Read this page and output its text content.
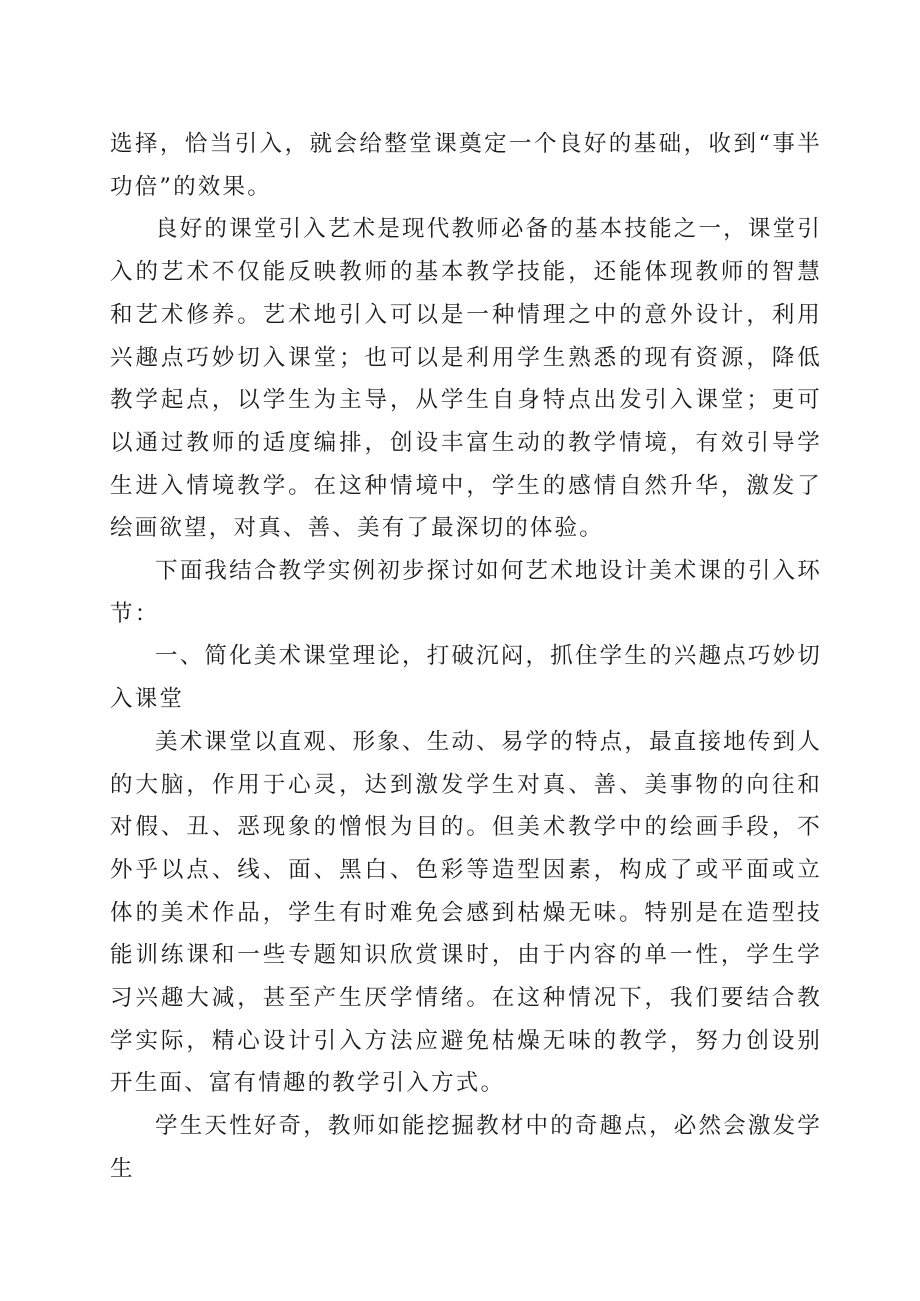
选择，恰当引入，就会给整堂课奠定一个良好的基础，收到“事半功倍”的效果。

良好的课堂引入艺术是现代教师必备的基本技能之一，课堂引入的艺术不仅能反映教师的基本教学技能，还能体现教师的智慧和艺术修养。艺术地引入可以是一种情理之中的意外设计，利用兴趣点巧妙切入课堂；也可以是利用学生熟悉的现有资源，降低教学起点，以学生为主导，从学生自身特点出发引入课堂；更可以通过教师的适度编排，创设丰富生动的教学情境，有效引导学生进入情境教学。在这种情境中，学生的感情自然升华，激发了绘画欲望，对真、善、美有了最深切的体验。

下面我结合教学实例初步探讨如何艺术地设计美术课的引入环节：

一、简化美术课堂理论，打破沉闷，抓住学生的兴趣点巧妙切入课堂

美术课堂以直观、形象、生动、易学的特点，最直接地传到人的大脑，作用于心灵，达到激发学生对真、善、美事物的向往和对假、丑、恶现象的憎恨为目的。但美术教学中的绘画手段，不外乎以点、线、面、黑白、色彩等造型因素，构成了或平面或立体的美术作品，学生有时难免会感到枯燥无味。特别是在造型技能训练课和一些专题知识欣赏课时，由于内容的单一性，学生学习兴趣大减，甚至产生厌学情绪。在这种情况下，我们要结合教学实际，精心设计引入方法应避免枯燥无味的教学，努力创设别开生面、富有情趣的教学引入方式。

学生天性好奇，教师如能挖掘教材中的奇趣点，必然会激发学生
